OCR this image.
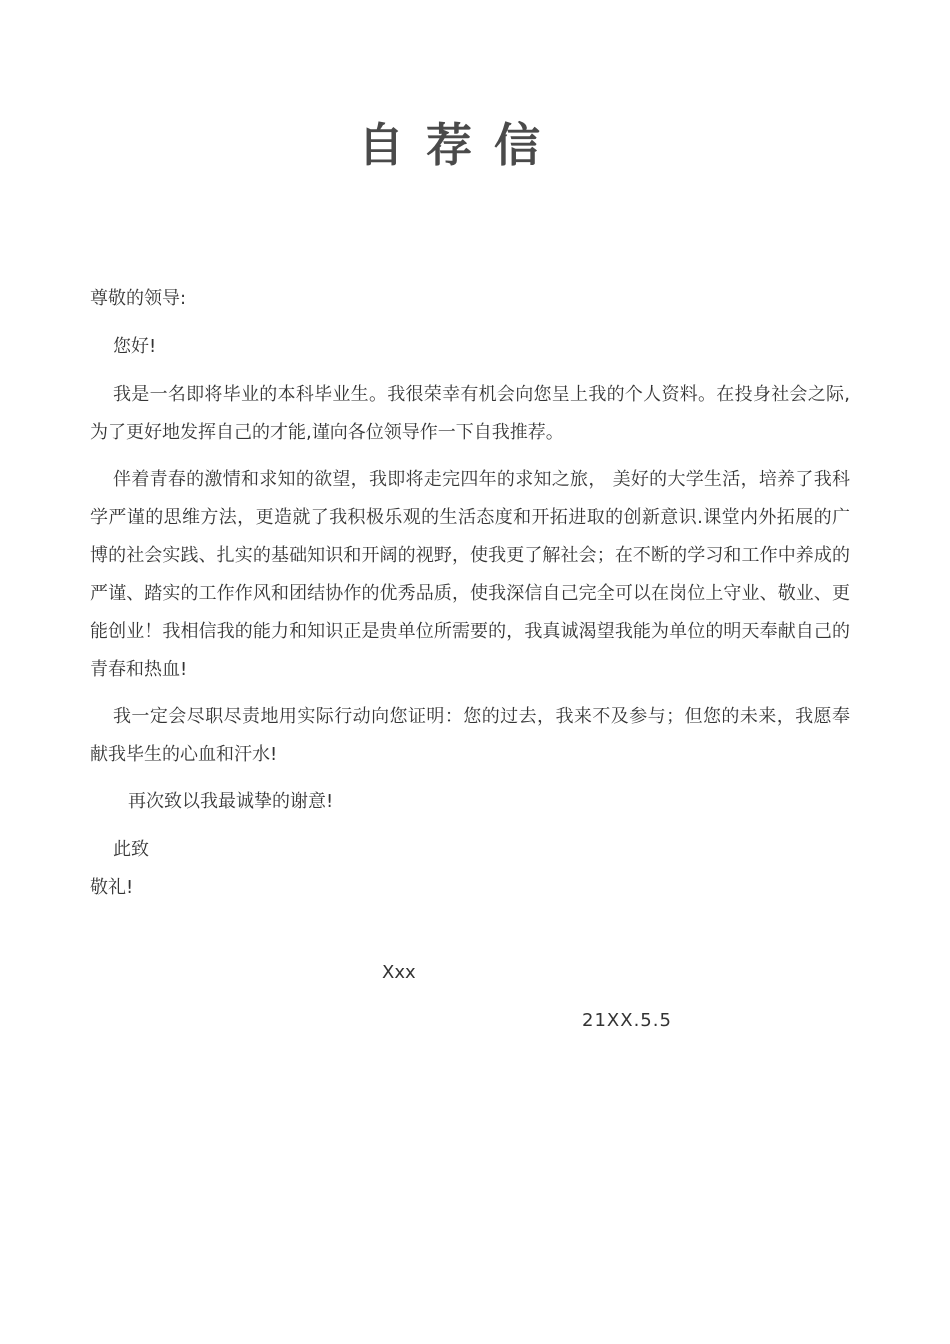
自荐信
尊敬的领导:

您好!

我是一名即将毕业的本科毕业生。我很荣幸有机会向您呈上我的个人资料。在投身社会之际,为了更好地发挥自己的才能,谨向各位领导作一下自我推荐。

伴着青春的激情和求知的欲望，我即将走完四年的求知之旅， 美好的大学生活，培养了我科学严谨的思维方法，更造就了我积极乐观的生活态度和开拓进取的创新意识.课堂内外拓展的广博的社会实践、扎实的基础知识和开阔的视野，使我更了解社会；在不断的学习和工作中养成的严谨、踏实的工作作风和团结协作的优秀品质，使我深信自己完全可以在岗位上守业、敬业、更能创业！我相信我的能力和知识正是贵单位所需要的，我真诚渴望我能为单位的明天奉献自己的青春和热血!

我一定会尽职尽责地用实际行动向您证明：您的过去，我来不及参与；但您的未来，我愿奉献我毕生的心血和汗水!

再次致以我最诚挚的谢意!

此致

敬礼!
Xxx
21XX.5.5
